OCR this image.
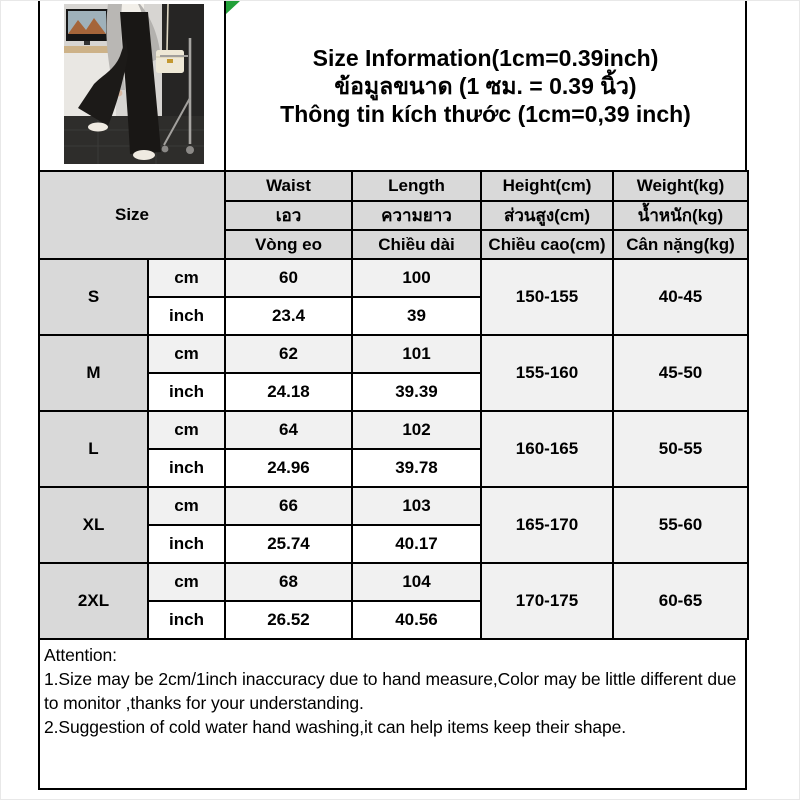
Size Information(1cm=0.39inch)
ข้อมูลขนาด (1 ซม. = 0.39 นิ้ว)
Thông tin kích thước (1cm=0,39 inch)
Size		Waist	Length	Height(cm)	Weight(kg)
		เอว	ความยาว	ส่วนสูง(cm)	น้ำหนัก(kg)
		Vòng eo	Chiều dài	Chiều cao(cm)	Cân nặng(kg)
S	cm	60	100	150-155	40-45
	inch	23.4	39		
M	cm	62	101	155-160	45-50
	inch	24.18	39.39		
L	cm	64	102	160-165	50-55
	inch	24.96	39.78		
XL	cm	66	103	165-170	55-60
	inch	25.74	40.17		
2XL	cm	68	104	170-175	60-65
	inch	26.52	40.56		
Attention:
1.Size may be 2cm/1inch inaccuracy due to hand measure,Color may be little different due to monitor ,thanks for your understanding.
2.Suggestion of cold water hand washing,it can help items keep their shape.
